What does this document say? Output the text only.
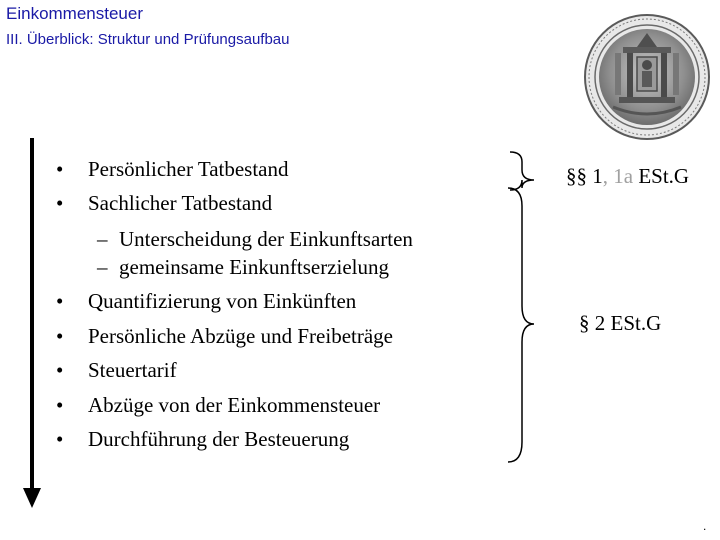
Einkommensteuer
III. Überblick: Struktur und Prüfungsaufbau
• Persönlicher Tatbestand
• Sachlicher Tatbestand
– Unterscheidung der Einkunftsarten
– gemeinsame Einkunftserzielung
• Quantifizierung von Einkünften
• Persönliche Abzüge und Freibeträge
• Steuertarif
• Abzüge von der Einkommensteuer
• Durchführung der Besteuerung
§§ 1, 1a ESt.G
§ 2 ESt.G
.
